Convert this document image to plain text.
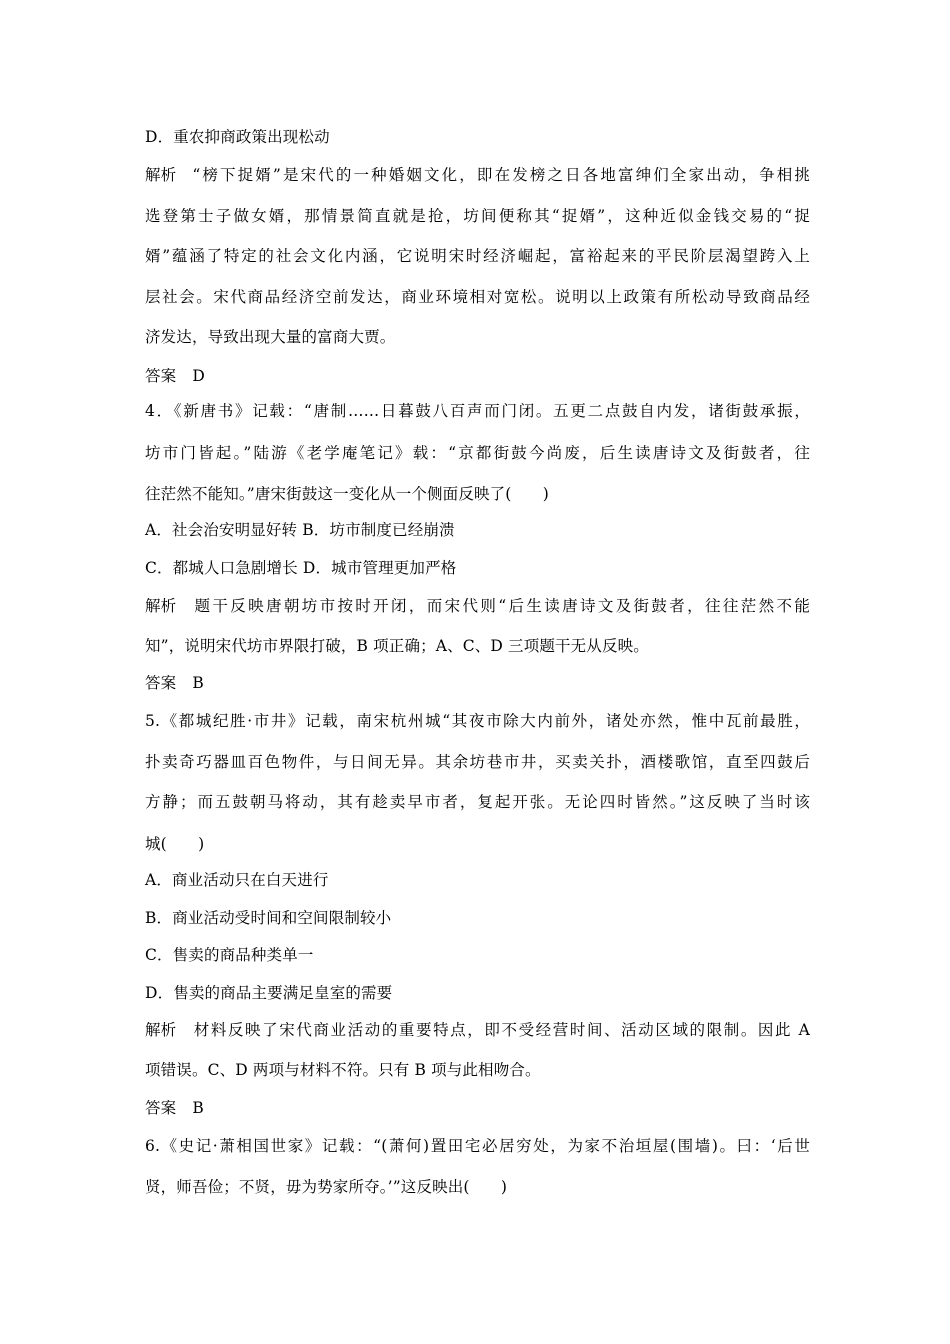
D．重农抑商政策出现松动
解析 “榜下捉婿”是宋代的一种婚姻文化，即在发榜之日各地富绅们全家出动，争相挑
选登第士子做女婿，那情景简直就是抢，坊间便称其“捉婿”，这种近似金钱交易的“捉
婿”蕴涵了特定的社会文化内涵，它说明宋时经济崛起，富裕起来的平民阶层渴望跨入上
层社会。宋代商品经济空前发达，商业环境相对宽松。说明以上政策有所松动导致商品经
济发达，导致出现大量的富商大贾。
答案 D
4．《新唐书》记载：“唐制……日暮鼓八百声而门闭。五更二点鼓自内发，诸街鼓承振，
坊市门皆起。”陆游《老学庵笔记》载：“京都街鼓今尚废，后生读唐诗文及街鼓者，往
往茫然不能知。”唐宋街鼓这一变化从一个侧面反映了(　　)
A．社会治安明显好转 B．坊市制度已经崩溃
C．都城人口急剧增长 D．城市管理更加严格
解析 题干反映唐朝坊市按时开闭，而宋代则“后生读唐诗文及街鼓者，往往茫然不能
知”，说明宋代坊市界限打破，B 项正确；A、C、D 三项题干无从反映。
答案 B
5.《都城纪胜·市井》记载，南宋杭州城“其夜市除大内前外，诸处亦然，惟中瓦前最胜，
扑卖奇巧器皿百色物件，与日间无异。其余坊巷市井，买卖关扑，酒楼歌馆，直至四鼓后
方静；而五鼓朝马将动，其有趁卖早市者，复起开张。无论四时皆然。”这反映了当时该
城(　　)
A．商业活动只在白天进行
B．商业活动受时间和空间限制较小
C．售卖的商品种类单一
D．售卖的商品主要满足皇室的需要
解析 材料反映了宋代商业活动的重要特点，即不受经营时间、活动区域的限制。因此 A
项错误。C、D 两项与材料不符。只有 B 项与此相吻合。
答案 B
6.《史记·萧相国世家》记载：“(萧何)置田宅必居穷处，为家不治垣屋(围墙)。曰：‘后世
贤，师吾俭；不贤，毋为势家所夺。’”这反映出(　　)
